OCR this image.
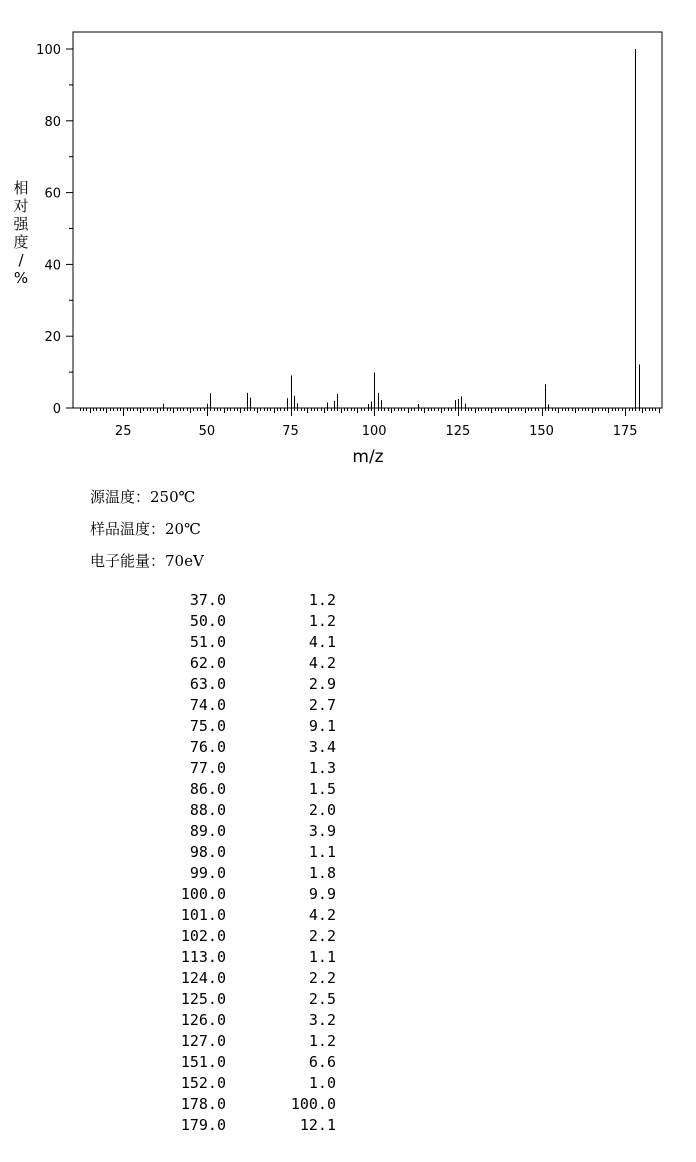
0
20
40
60
80
100
25	50	75	100	125	150	175
m/z
相对强度/ %
源温度：250℃
样品温度：20℃
电子能量：70eV
37.0	1.2
50.0	1.2
51.0	4.1
62.0	4.2
63.0	2.9
74.0	2.7
75.0	9.1
76.0	3.4
77.0	1.3
86.0	1.5
88.0	2.0
89.0	3.9
98.0	1.1
99.0	1.8
100.0	9.9
101.0	4.2
102.0	2.2
113.0	1.1
124.0	2.2
125.0	2.5
126.0	3.2
127.0	1.2
151.0	6.6
152.0	1.0
178.0	100.0
179.0	12.1
